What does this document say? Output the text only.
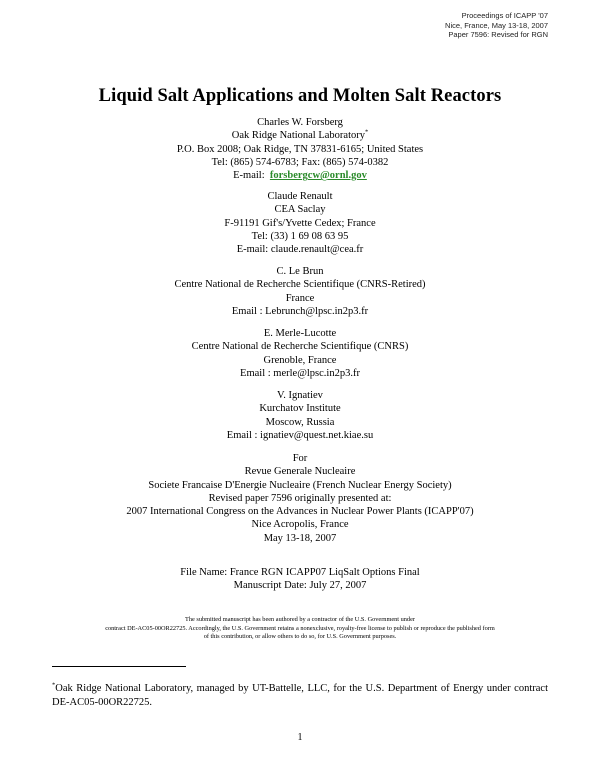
Proceedings of ICAPP '07
Nice, France, May 13-18, 2007
Paper 7596: Revised for RGN
Liquid Salt Applications and Molten Salt Reactors
Charles W. Forsberg
Oak Ridge National Laboratory*
P.O. Box 2008; Oak Ridge, TN 37831-6165; United States
Tel: (865) 574-6783; Fax: (865) 574-0382
E-mail: forsbergcw@ornl.gov
Claude Renault
CEA Saclay
F-91191 Gif's/Yvette Cedex; France
Tel: (33) 1 69 08 63 95
E-mail: claude.renault@cea.fr
C. Le Brun
Centre National de Recherche Scientifique (CNRS-Retired)
France
Email : Lebrunch@lpsc.in2p3.fr
E. Merle-Lucotte
Centre National de Recherche Scientifique (CNRS)
Grenoble, France
Email : merle@lpsc.in2p3.fr
V. Ignatiev
Kurchatov Institute
Moscow, Russia
Email : ignatiev@quest.net.kiae.su
For
Revue Generale Nucleaire
Societe Francaise D'Energie Nucleaire (French Nuclear Energy Society)
Revised paper 7596 originally presented at:
2007 International Congress on the Advances in Nuclear Power Plants (ICAPP'07)
Nice Acropolis, France
May 13-18, 2007
File Name: France RGN ICAPP07 LiqSalt Options Final
Manuscript Date: July 27, 2007
The submitted manuscript has been authored by a contractor of the U.S. Government under
contract DE-AC05-00OR22725. Accordingly, the U.S. Government retains a nonexclusive, royalty-free license to publish or reproduce the published form
of this contribution, or allow others to do so, for U.S. Government purposes.
*Oak Ridge National Laboratory, managed by UT-Battelle, LLC, for the U.S. Department of Energy under contract DE-AC05-00OR22725.
1
